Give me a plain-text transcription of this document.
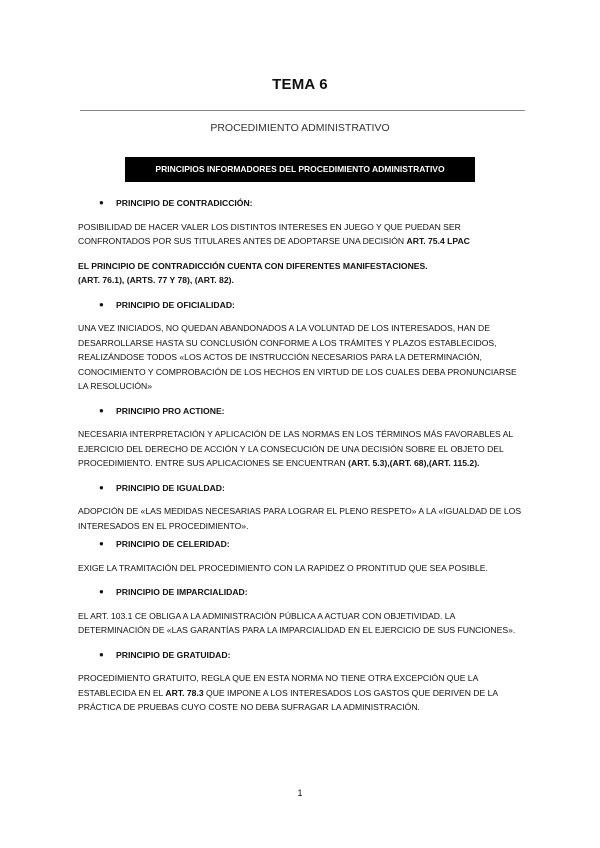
TEMA 6
PROCEDIMIENTO ADMINISTRATIVO
PRINCIPIOS INFORMADORES DEL PROCEDIMIENTO ADMINISTRATIVO
● PRINCIPIO DE CONTRADICCIÓN:
POSIBILIDAD DE HACER VALER LOS DISTINTOS INTERESES EN JUEGO Y QUE PUEDAN SER CONFRONTADOS POR SUS TITULARES ANTES DE ADOPTARSE UNA DECISIÓN ART. 75.4 LPAC
EL PRINCIPIO DE CONTRADICCIÓN CUENTA CON DIFERENTES MANIFESTACIONES.
(ART. 76.1), (ARTS. 77 Y 78), (ART. 82).
● PRINCIPIO DE OFICIALIDAD:
UNA VEZ INICIADOS, NO QUEDAN ABANDONADOS A LA VOLUNTAD DE LOS INTERESADOS, HAN DE DESARROLLARSE HASTA SU CONCLUSIÓN CONFORME A LOS TRÁMITES Y PLAZOS ESTABLECIDOS, REALIZÁNDOSE TODOS «LOS ACTOS DE INSTRUCCIÓN NECESARIOS PARA LA DETERMINACIÓN, CONOCIMIENTO Y COMPROBACIÓN DE LOS HECHOS EN VIRTUD DE LOS CUALES DEBA PRONUNCIARSE LA RESOLUCIÓN»
● PRINCIPIO PRO ACTIONE:
NECESARIA INTERPRETACIÓN Y APLICACIÓN DE LAS NORMAS EN LOS TÉRMINOS MÁS FAVORABLES AL EJERCICIO DEL DERECHO DE ACCIÓN Y LA CONSECUCIÓN DE UNA DECISIÓN SOBRE EL OBJETO DEL PROCEDIMIENTO. ENTRE SUS APLICACIONES SE ENCUENTRAN (ART. 5.3),(ART. 68),(ART. 115.2).
● PRINCIPIO DE IGUALDAD:
ADOPCIÓN DE «LAS MEDIDAS NECESARIAS PARA LOGRAR EL PLENO RESPETO» A LA «IGUALDAD DE LOS INTERESADOS EN EL PROCEDIMIENTO».
● PRINCIPIO DE CELERIDAD:
EXIGE LA TRAMITACIÓN DEL PROCEDIMIENTO CON LA RAPIDEZ O PRONTITUD QUE SEA POSIBLE.
● PRINCIPIO DE IMPARCIALIDAD:
EL ART. 103.1 CE OBLIGA A LA ADMINISTRACIÓN PÚBLICA A ACTUAR CON OBJETIVIDAD. LA DETERMINACIÓN DE «LAS GARANTÍAS PARA LA IMPARCIALIDAD EN EL EJERCICIO DE SUS FUNCIONES».
● PRINCIPIO DE GRATUIDAD:
PROCEDIMIENTO GRATUITO, REGLA QUE EN ESTA NORMA NO TIENE OTRA EXCEPCIÓN QUE LA ESTABLECIDA EN EL ART. 78.3 QUE IMPONE A LOS INTERESADOS LOS GASTOS QUE DERIVEN DE LA PRÁCTICA DE PRUEBAS CUYO COSTE NO DEBA SUFRAGAR LA ADMINISTRACIÓN.
1
